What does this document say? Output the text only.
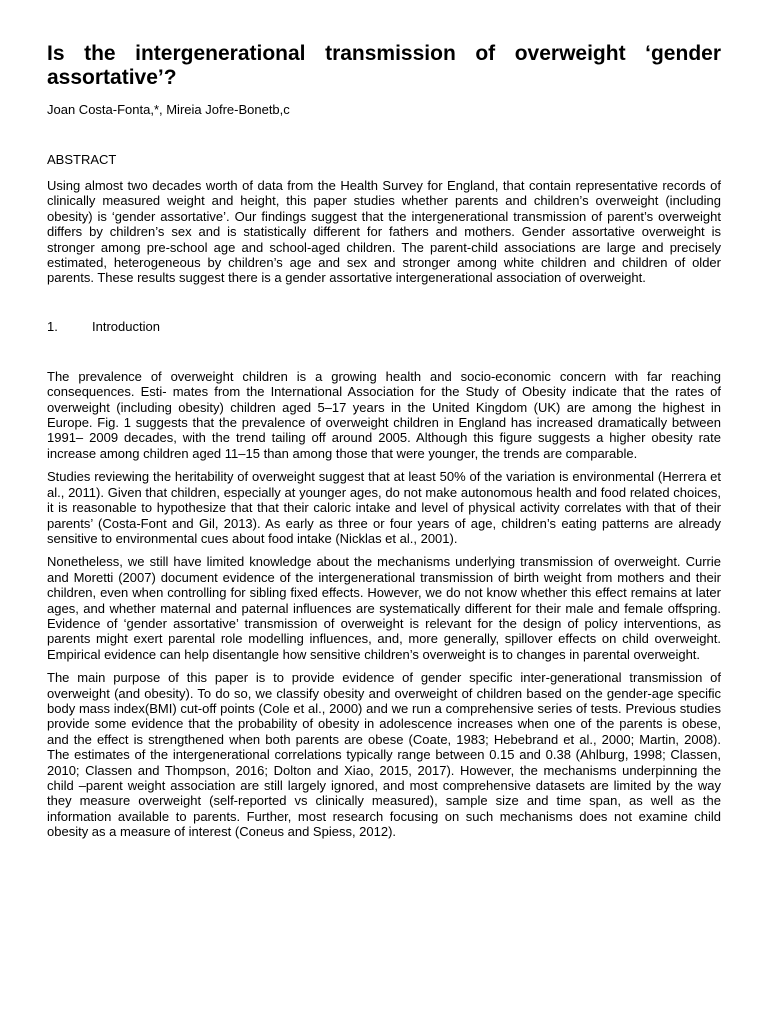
Is the intergenerational transmission of overweight ‘gender assortative’?
Joan Costa-Fonta,*, Mireia Jofre-Bonetb,c
ABSTRACT

Using almost two decades worth of data from the Health Survey for England, that contain representative records of clinically measured weight and height, this paper studies whether parents and children’s overweight (including obesity) is ‘gender assortative’. Our findings suggest that the intergenerational transmission of parent’s overweight differs by children’s sex and is statistically different for fathers and mothers. Gender assortative overweight is stronger among pre-school age and school-aged children. The parent-child associations are large and precisely estimated, heterogeneous by children’s age and sex and stronger among white children and children of older parents. These results suggest there is a gender assortative intergenerational association of overweight.

1.	Introduction

The prevalence of overweight children is a growing health and socio-economic concern with far reaching consequences. Esti- mates from the International Association for the Study of Obesity indicate that the rates of overweight (including obesity) children aged 5–17 years in the United Kingdom (UK) are among the highest in Europe. Fig. 1 suggests that the prevalence of overweight children in England has increased dramatically between 1991– 2009 decades, with the trend tailing off around 2005. Although this figure suggests a higher obesity rate increase among children aged 11–15 than among those that were younger, the trends are comparable.

Studies reviewing the heritability of overweight suggest that at least 50% of the variation is environmental (Herrera et al., 2011). Given that children, especially at younger ages, do not make autonomous health and food related choices, it is reasonable to hypothesize that that their caloric intake and level of physical activity correlates with that of their parents’ (Costa-Font and Gil, 2013). As early as three or four years of age, children’s eating patterns are already sensitive to environmental cues about food intake (Nicklas et al., 2001).

Nonetheless, we still have limited knowledge about the mechanisms underlying transmission of overweight. Currie and Moretti (2007) document evidence of the intergenerational transmission of birth weight from mothers and their children, even when controlling for sibling fixed effects. However, we do not know whether this effect remains at later ages, and whether maternal and paternal influences are systematically different for their male and female offspring. Evidence of ‘gender assortative’ transmission of overweight is relevant for the design of policy interventions, as parents might exert parental role modelling influences, and, more generally, spillover effects on child overweight. Empirical evidence can help disentangle how sensitive children’s overweight is to changes in parental overweight.

The main purpose of this paper is to provide evidence of gender specific inter-generational transmission of overweight (and obesity). To do so, we classify obesity and overweight of children based on the gender-age specific body mass index(BMI) cut-off points (Cole et al., 2000) and we run a comprehensive series of tests. Previous studies provide some evidence that the probability of obesity in adolescence increases when one of the parents is obese, and the effect is strengthened when both parents are obese (Coate, 1983; Hebebrand et al., 2000; Martin, 2008). The estimates of the intergenerational correlations typically range between 0.15 and 0.38 (Ahlburg, 1998; Classen, 2010; Classen and Thompson, 2016; Dolton and Xiao, 2015, 2017). However, the mechanisms underpinning the child –parent weight association are still largely ignored, and most comprehensive datasets are limited by the way they measure overweight (self-reported vs clinically measured), sample size and time span, as well as the information available to parents. Further, most research focusing on such mechanisms does not examine child obesity as a measure of interest (Coneus and Spiess, 2012).
